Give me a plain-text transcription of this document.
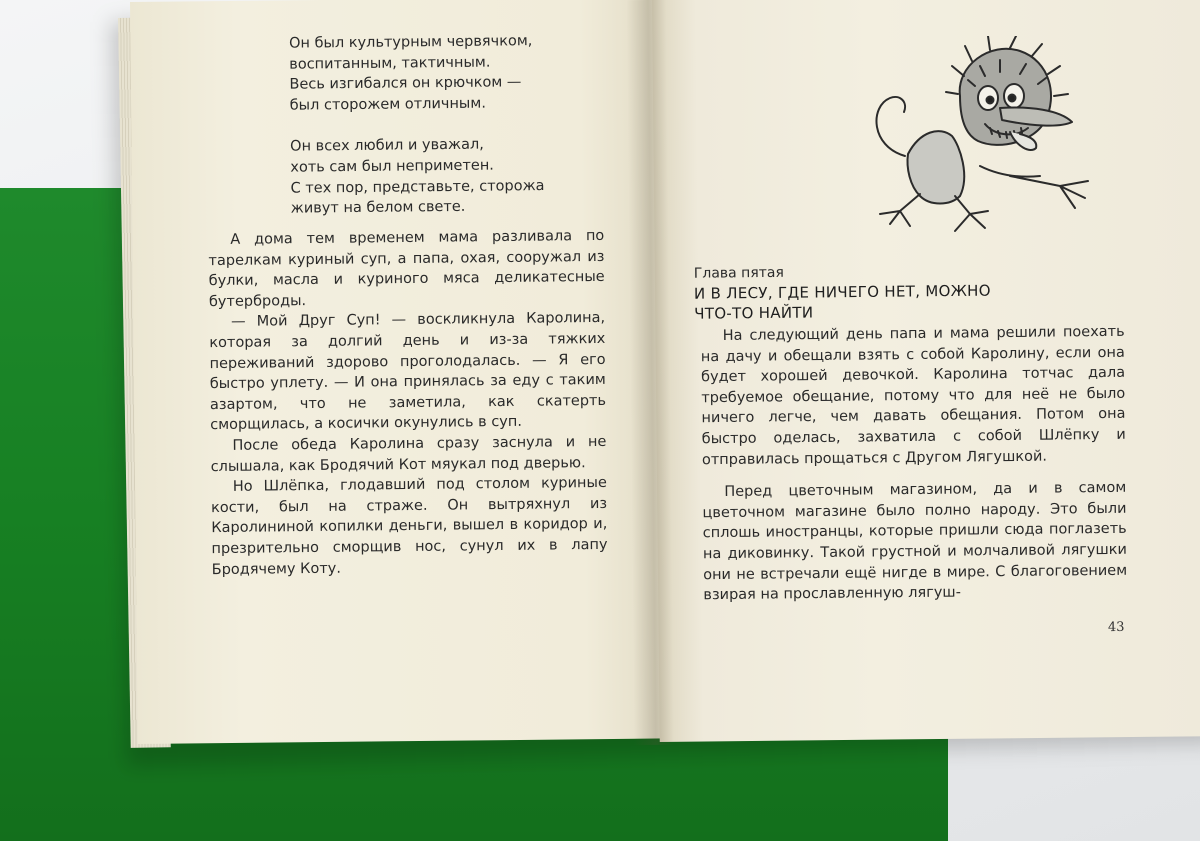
Он был культурным червячком,
воспитанным, тактичным.
Весь изгибался он крючком —
был сторожем отличным.
Он всех любил и уважал,
хоть сам был неприметен.
С тех пор, представьте, сторожа
живут на белом свете.

А дома тем временем мама разливала по тарелкам куриный суп, а папа, охая, сооружал из булки, масла и куриного мяса деликатесные бутерброды.

— Мой Друг Суп! — воскликнула Каролина, которая за долгий день и из-за тяжких переживаний здорово проголодалась. — Я его быстро уплету. — И она принялась за еду с таким азартом, что не заметила, как скатерть сморщилась, а косички окунулись в суп.

После обеда Каролина сразу заснула и не слышала, как Бродячий Кот мяукал под дверью.

Но Шлёпка, глодавший под столом куриные кости, был на страже. Он вытряхнул из Каролининой копилки деньги, вышел в коридор и, презрительно сморщив нос, сунул их в лапу Бродячему Коту.

Глава пятая
И В ЛЕСУ, ГДЕ НИЧЕГО НЕТ, МОЖНО ЧТО-ТО НАЙТИ

На следующий день папа и мама решили поехать на дачу и обещали взять с собой Каролину, если она будет хорошей девочкой. Каролина тотчас дала требуемое обещание, потому что для неё не было ничего легче, чем давать обещания. Потом она быстро оделась, захватила с собой Шлёпку и отправилась прощаться с Другом Лягушкой.

Перед цветочным магазином, да и в самом цветочном магазине было полно народу. Это были сплошь иностранцы, которые пришли сюда поглазеть на диковинку. Такой грустной и молчаливой лягушки они не встречали ещё нигде в мире. С благоговением взирая на прославленную лягуш-

43
